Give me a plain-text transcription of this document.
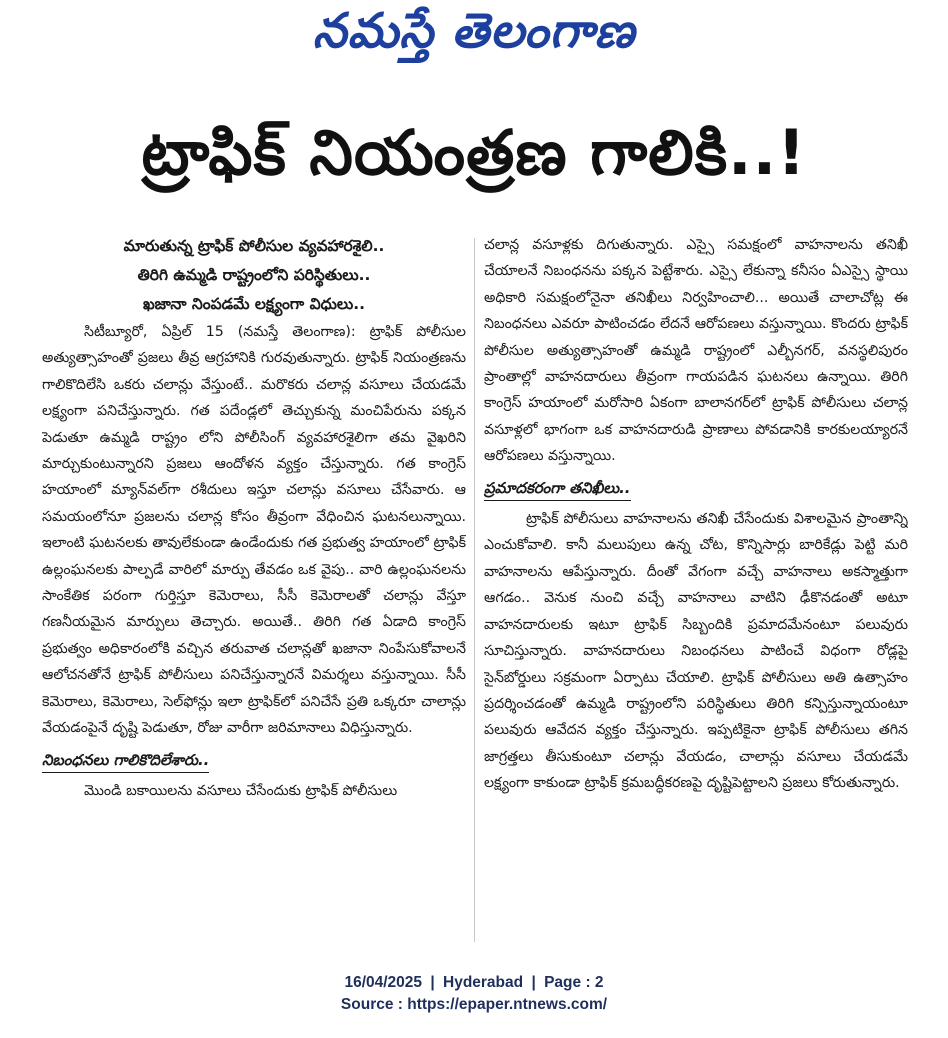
నమస్తే తెలంగాణ
ట్రాఫిక్ నియంత్రణ గాలికి..!
మారుతున్న ట్రాఫిక్ పోలీసుల వ్యవహారశైలి..
తిరిగి ఉమ్మడి రాష్ట్రంలోని పరిస్థితులు..
ఖజానా నింపడమే లక్ష్యంగా విధులు..

సిటీబ్యూరో, ఏప్రిల్ 15 (నమస్తే తెలంగాణ): ట్రాఫిక్ పోలీసుల అత్యుత్సాహంతో ప్రజలు తీవ్ర ఆగ్రహానికి గురవుతున్నారు. ట్రాఫిక్ నియంత్రణను గాలికొదిలేసి ఒకరు చలాన్లు వేస్తుంటే.. మరొకరు చలాన్ల వసూలు చేయడమే లక్ష్యంగా పనిచేస్తున్నారు. గత పదేండ్లలో తెచ్చుకున్న మంచిపేరును పక్కన పెడుతూ ఉమ్మడి రాష్ట్రం లోని పోలీసింగ్ వ్యవహారశైలిగా తమ వైఖరిని మార్చుకుంటున్నారని ప్రజలు ఆందోళన వ్యక్తం చేస్తున్నారు. గత కాంగ్రెస్ హయాంలో మ్యాన్‌వల్‌గా రశీదులు ఇస్తూ చలాన్లు వసూలు చేసేవారు. ఆ సమయంలోనూ ప్రజలను చలాన్ల కోసం తీవ్రంగా వేధించిన ఘటనలున్నాయి. ఇలాంటి ఘటనలకు తావులేకుండా ఉండేందుకు గత ప్రభుత్వ హయాంలో ట్రాఫిక్ ఉల్లంఘనలకు పాల్పడే వారిలో మార్పు తేవడం ఒక వైపు.. వారి ఉల్లంఘనలను సాంకేతిక పరంగా గుర్తిస్తూ కెమెరాలు, సీసీ కెమెరాలతో చలాన్లు వేస్తూ గణనీయమైన మార్పులు తెచ్చారు. అయితే.. తిరిగి గత ఏడాది కాంగ్రెస్ ప్రభుత్వం అధికారంలోకి వచ్చిన తరువాత చలాన్లతో ఖజానా నింపేసుకోవాలనే ఆలోచనతోనే ట్రాఫిక్ పోలీసులు పనిచేస్తున్నారనే విమర్శలు వస్తున్నాయి. సీసీ కెమెరాలు, కెమెరాలు, సెల్‌ఫోన్లు ఇలా ట్రాఫిక్‌లో పనిచేసే ప్రతి ఒక్కరూ చాలాన్లు వేయడంపైనే దృష్టి పెడుతూ, రోజు వారీగా జరిమానాలు విధిస్తున్నారు.

నిబంధనలు గాలికొదిలేశారు..

మొండి బకాయిలను వసూలు చేసేందుకు ట్రాఫిక్ పోలీసులు

చలాన్ల వసూళ్లకు దిగుతున్నారు. ఎస్సై సమక్షంలో వాహనాలను తనిఖీ చేయాలనే నిబంధనను పక్కన పెట్టేశారు. ఎస్సై లేకున్నా కనీసం ఏఎస్సై స్థాయి అధికారి సమక్షంలోనైనా తనిఖీలు నిర్వహించాలి... అయితే చాలాచోట్ల ఈ నిబంధనలు ఎవరూ పాటించడం లేదనే ఆరోపణలు వస్తున్నాయి. కొందరు ట్రాఫిక్ పోలీసుల అత్యుత్సాహంతో ఉమ్మడి రాష్ట్రంలో ఎల్బీనగర్, వనస్థలిపురం ప్రాంతాల్లో వాహనదారులు తీవ్రంగా గాయపడిన ఘటనలు ఉన్నాయి. తిరిగి కాంగ్రెస్ హయాంలో మరోసారి ఏకంగా బాలానగర్‌లో ట్రాఫిక్ పోలీసులు చలాన్ల వసూళ్లలో భాగంగా ఒక వాహనదారుడి ప్రాణాలు పోవడానికి కారకులయ్యారనే ఆరోపణలు వస్తున్నాయి.

ప్రమాదకరంగా తనిఖీలు..

ట్రాఫిక్ పోలీసులు వాహనాలను తనిఖీ చేసేందుకు విశాలమైన ప్రాంతాన్ని ఎంచుకోవాలి. కానీ మలుపులు ఉన్న చోట, కొన్నిసార్లు బారికేడ్లు పెట్టి మరి వాహనాలను ఆపేస్తున్నారు. దీంతో వేగంగా వచ్చే వాహనాలు అకస్మాత్తుగా ఆగడం.. వెనుక నుంచి వచ్చే వాహనాలు వాటిని ఢీకొనడంతో అటూ వాహనదారులకు ఇటూ ట్రాఫిక్ సిబ్బందికి ప్రమాదమేనంటూ పలువురు సూచిస్తున్నారు. వాహనదారులు నిబంధనలు పాటించే విధంగా రోడ్లపై సైన్‌బోర్డులు సక్రమంగా ఏర్పాటు చేయాలి. ట్రాఫిక్ పోలీసులు అతి ఉత్సాహం ప్రదర్శించడంతో ఉమ్మడి రాష్ట్రంలోని పరిస్థితులు తిరిగి కన్పిస్తున్నాయంటూ పలువురు ఆవేదన వ్యక్తం చేస్తున్నారు. ఇప్పటికైనా ట్రాఫిక్ పోలీసులు తగిన జాగ్రత్తలు తీసుకుంటూ చలాన్లు వేయడం, చాలాన్లు వసూలు చేయడమే లక్ష్యంగా కాకుండా ట్రాఫిక్ క్రమబద్ధీకరణపై దృష్టిపెట్టాలని ప్రజలు కోరుతున్నారు.

16/04/2025 | Hyderabad | Page : 2
Source : https://epaper.ntnews.com/
